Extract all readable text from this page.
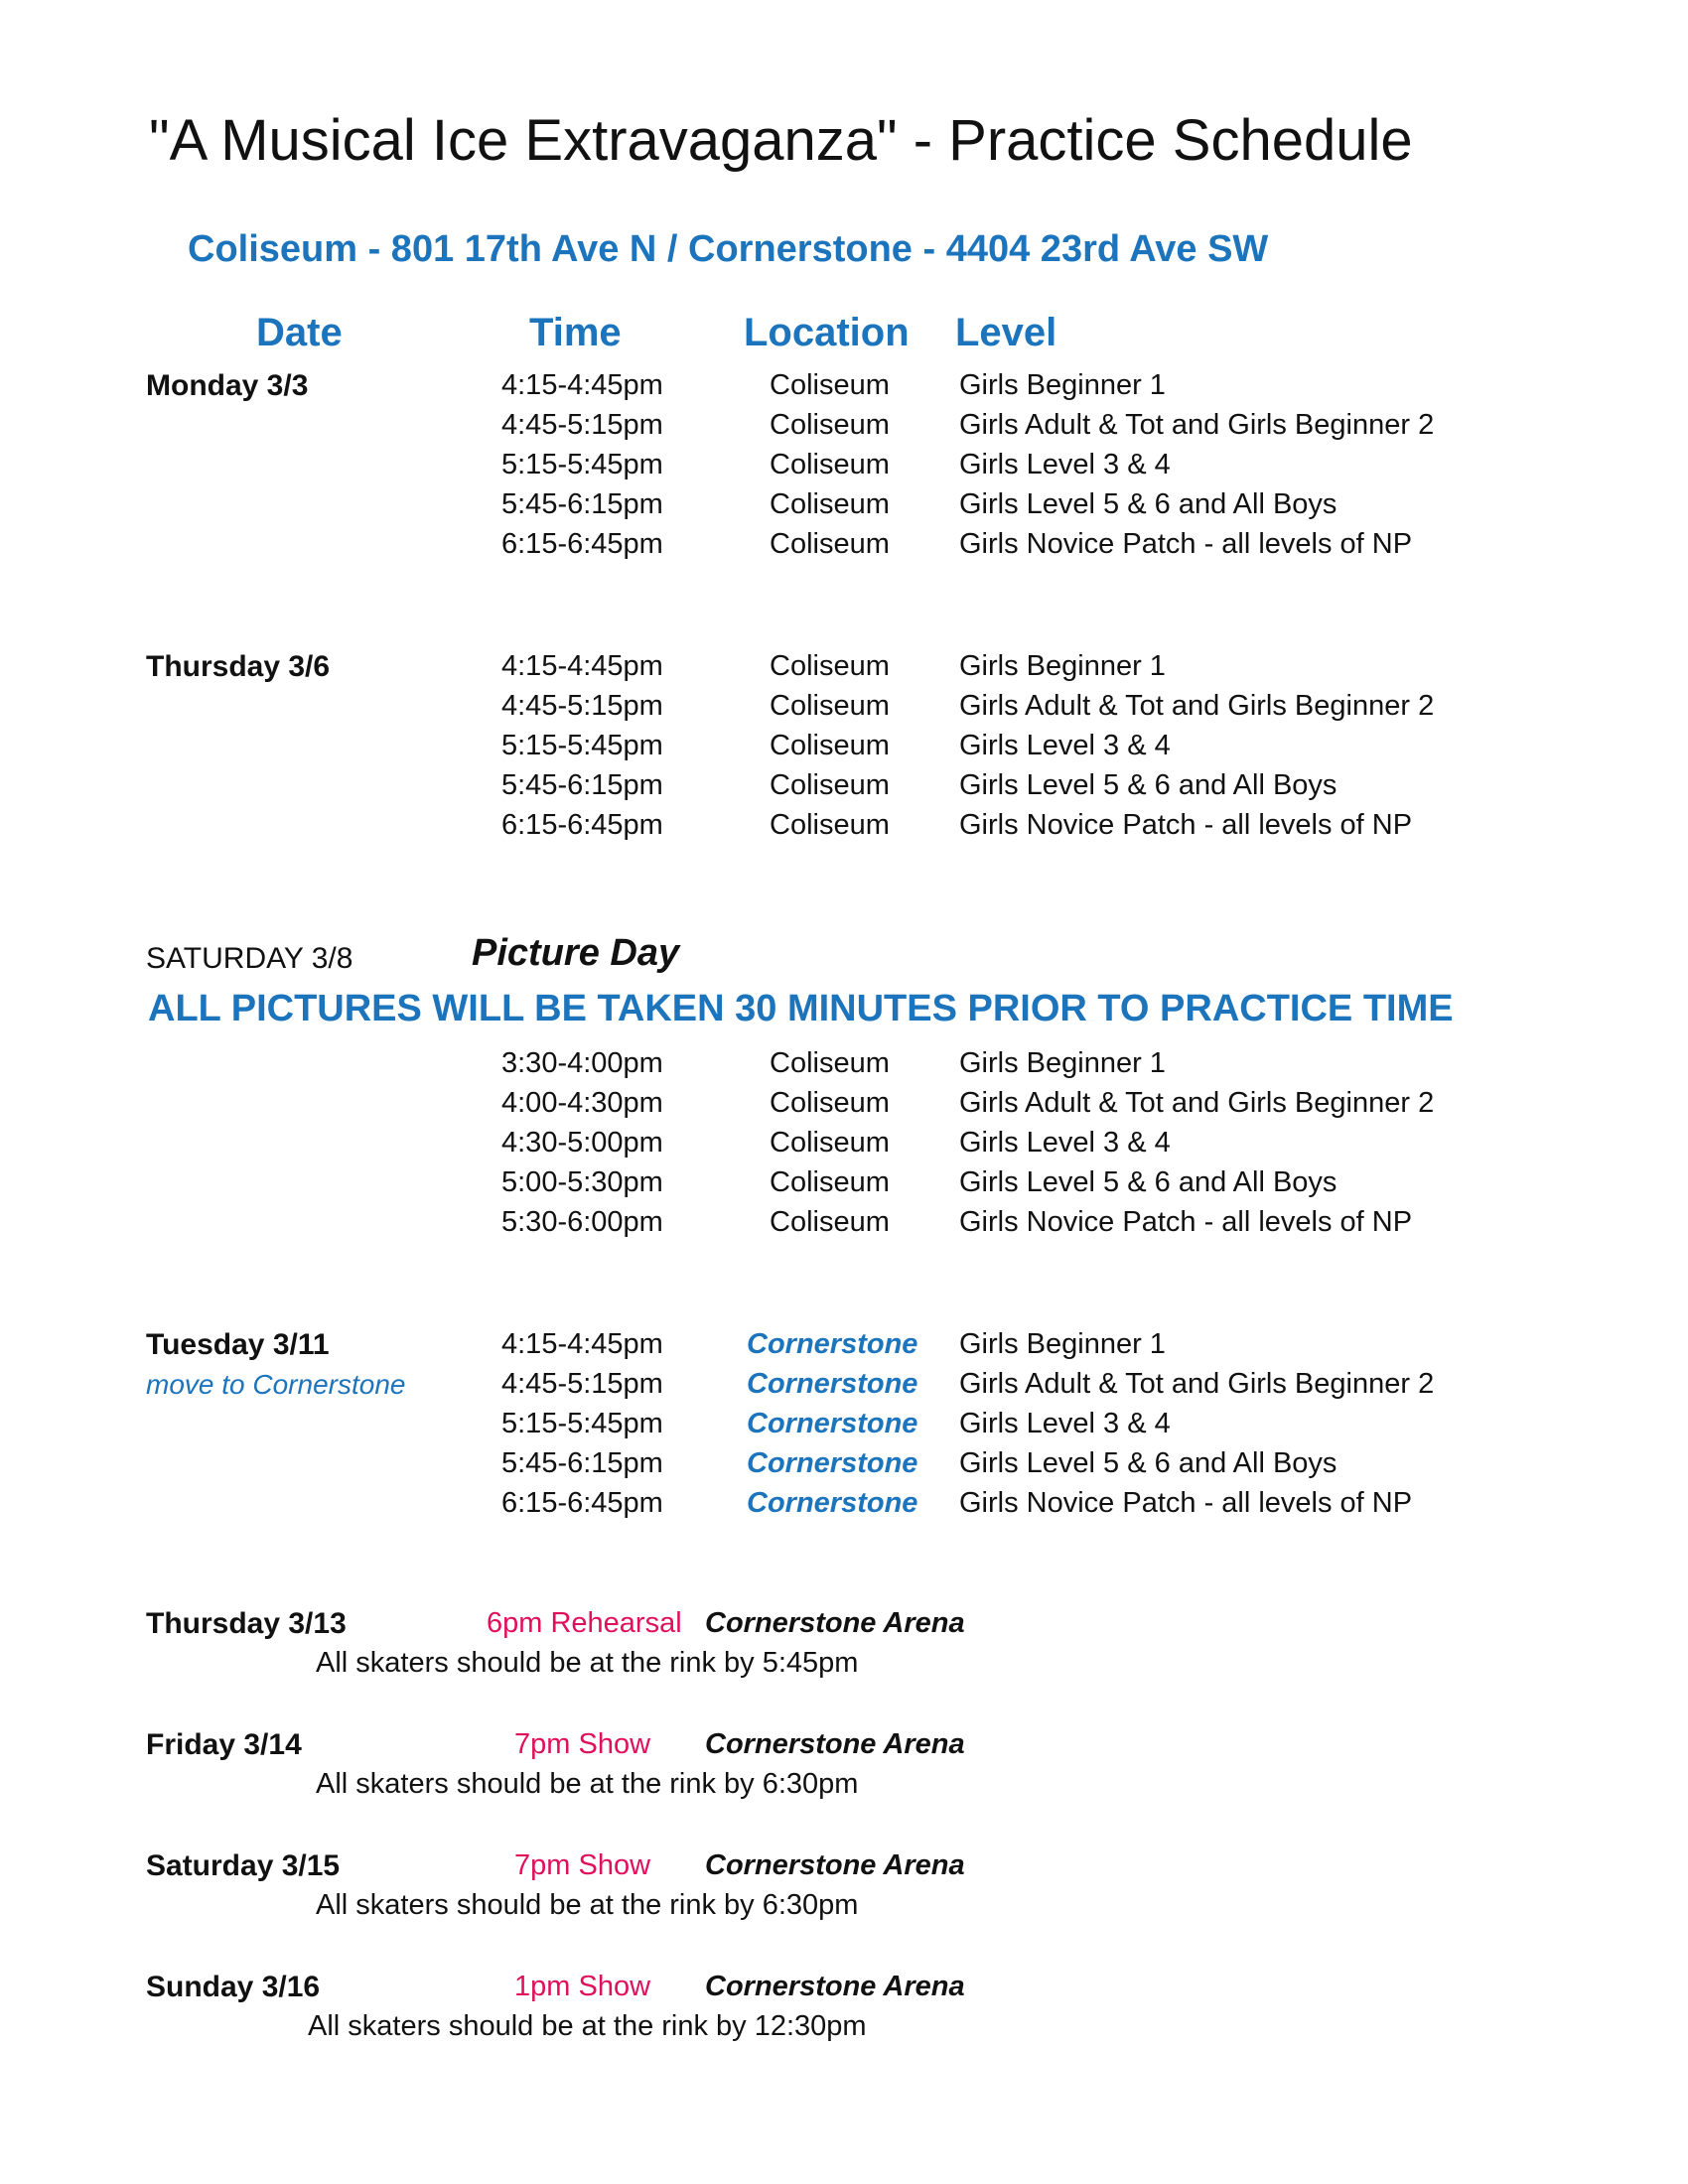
"A Musical Ice Extravaganza" - Practice Schedule
Coliseum - 801 17th Ave N / Cornerstone - 4404 23rd Ave SW
Date	Time	Location Level
Monday 3/3	4:15-4:45pm	Coliseum Girls Beginner 1
4:45-5:15pm	Coliseum Girls Adult & Tot and Girls Beginner 2
5:15-5:45pm	Coliseum Girls Level 3 & 4
5:45-6:15pm	Coliseum Girls Level 5 & 6 and All Boys
6:15-6:45pm	Coliseum Girls Novice Patch - all levels of NP
Thursday 3/6	4:15-4:45pm	Coliseum Girls Beginner 1
4:45-5:15pm	Coliseum Girls Adult & Tot and Girls Beginner 2
5:15-5:45pm	Coliseum Girls Level 3 & 4
5:45-6:15pm	Coliseum Girls Level 5 & 6 and All Boys
6:15-6:45pm	Coliseum Girls Novice Patch - all levels of NP
SATURDAY 3/8	Picture Day
ALL PICTURES WILL BE TAKEN 30 MINUTES PRIOR TO PRACTICE TIME
3:30-4:00pm	Coliseum Girls Beginner 1
4:00-4:30pm	Coliseum Girls Adult & Tot and Girls Beginner 2
4:30-5:00pm	Coliseum Girls Level 3 & 4
5:00-5:30pm	Coliseum Girls Level 5 & 6 and All Boys
5:30-6:00pm	Coliseum Girls Novice Patch - all levels of NP
Tuesday 3/11
move to Cornerstone
4:15-4:45pm	Cornerstone Girls Beginner 1
4:45-5:15pm	Cornerstone Girls Adult & Tot and Girls Beginner 2
5:15-5:45pm	Cornerstone Girls Level 3 & 4
5:45-6:15pm	Cornerstone Girls Level 5 & 6 and All Boys
6:15-6:45pm	Cornerstone Girls Novice Patch - all levels of NP
Thursday 3/13	6pm Rehearsal Cornerstone Arena
All skaters should be at the rink by 5:45pm
Friday 3/14	7pm Show Cornerstone Arena
All skaters should be at the rink by 6:30pm
Saturday 3/15	7pm Show Cornerstone Arena
All skaters should be at the rink by 6:30pm
Sunday 3/16	1pm Show Cornerstone Arena
All skaters should be at the rink by 12:30pm
